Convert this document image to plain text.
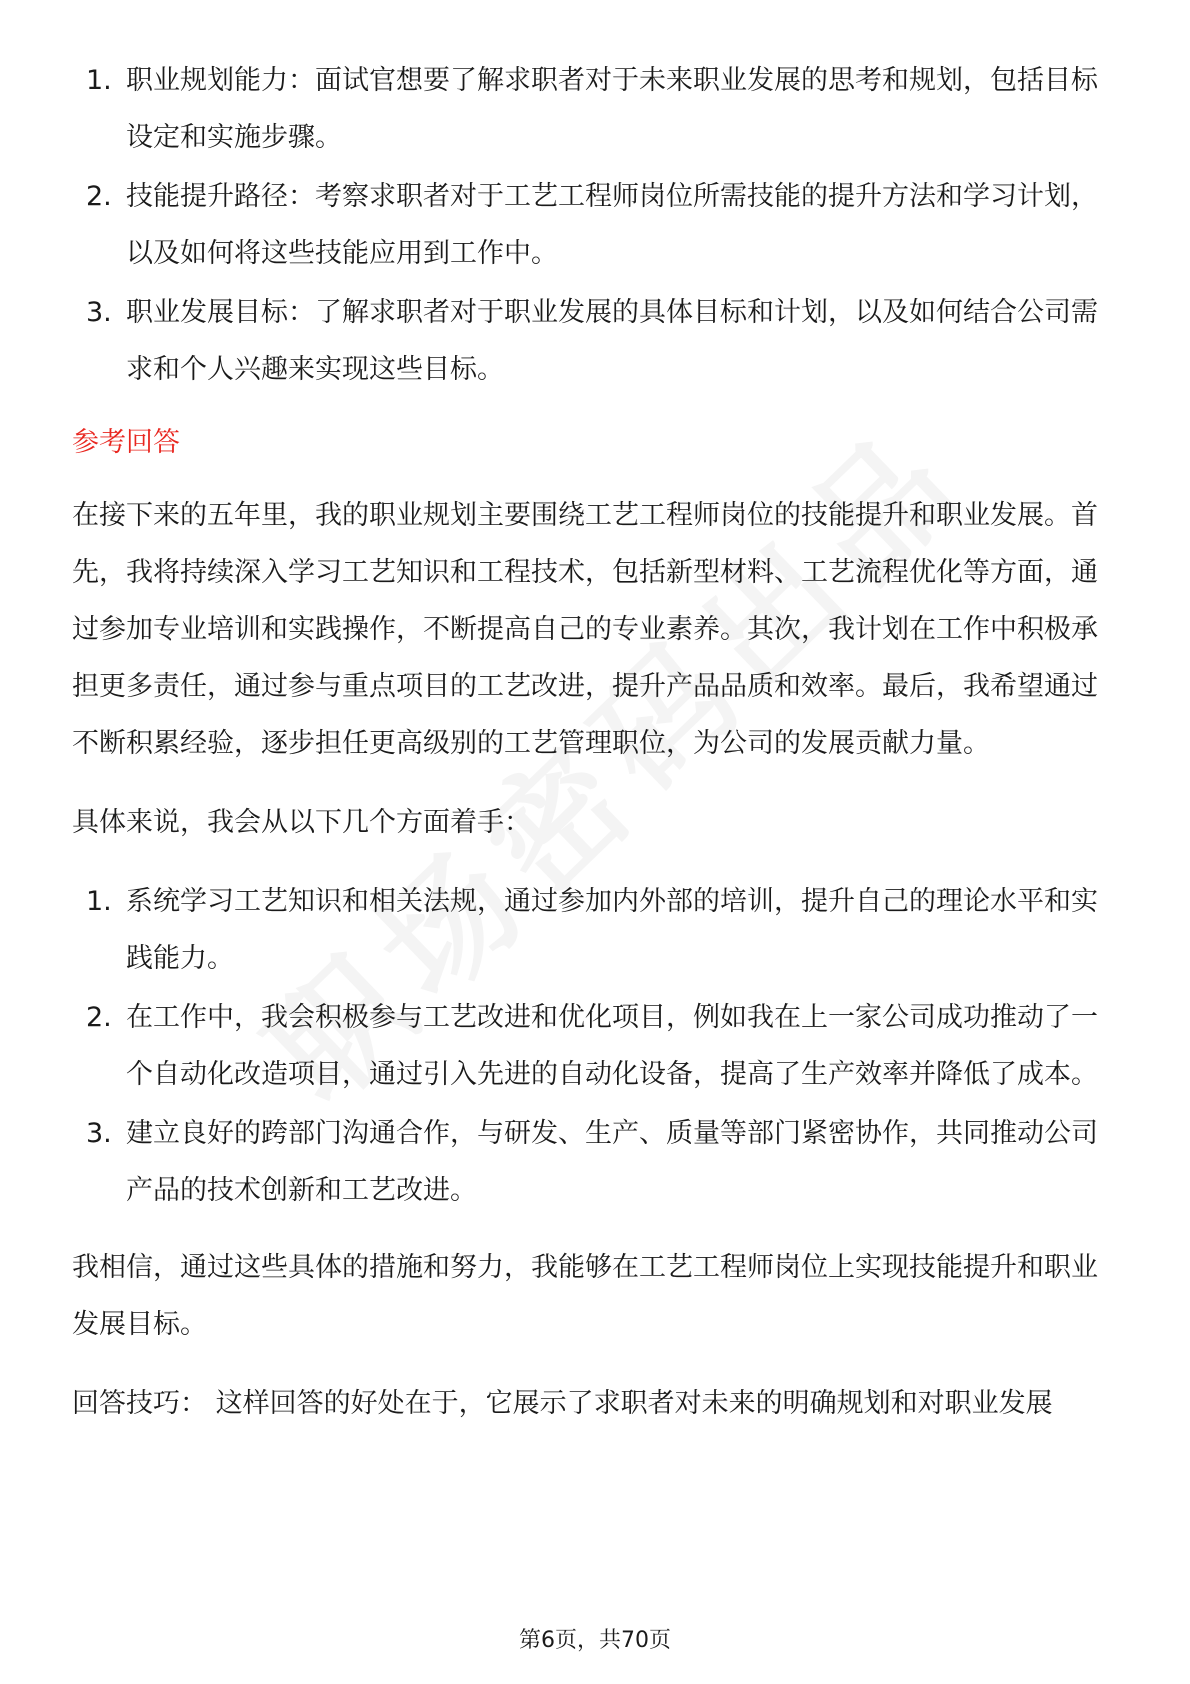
1. 职业规划能力：面试官想要了解求职者对于未来职业发展的思考和规划，包括目标设定和实施步骤。
2. 技能提升路径：考察求职者对于工艺工程师岗位所需技能的提升方法和学习计划，以及如何将这些技能应用到工作中。
3. 职业发展目标：了解求职者对于职业发展的具体目标和计划，以及如何结合公司需求和个人兴趣来实现这些目标。
参考回答

在接下来的五年里，我的职业规划主要围绕工艺工程师岗位的技能提升和职业发展。首先，我将持续深入学习工艺知识和工程技术，包括新型材料、工艺流程优化等方面，通过参加专业培训和实践操作，不断提高自己的专业素养。其次，我计划在工作中积极承担更多责任，通过参与重点项目的工艺改进，提升产品品质和效率。最后，我希望通过不断积累经验，逐步担任更高级别的工艺管理职位，为公司的发展贡献力量。

具体来说，我会从以下几个方面着手：

1. 系统学习工艺知识和相关法规，通过参加内外部的培训，提升自己的理论水平和实践能力。
2. 在工作中，我会积极参与工艺改进和优化项目，例如我在上一家公司成功推动了一个自动化改造项目，通过引入先进的自动化设备，提高了生产效率并降低了成本。
3. 建立良好的跨部门沟通合作，与研发、生产、质量等部门紧密协作，共同推动公司产品的技术创新和工艺改进。

我相信，通过这些具体的措施和努力，我能够在工艺工程师岗位上实现技能提升和职业发展目标。

回答技巧： 这样回答的好处在于，它展示了求职者对未来的明确规划和对职业发展

第6页，共70页
